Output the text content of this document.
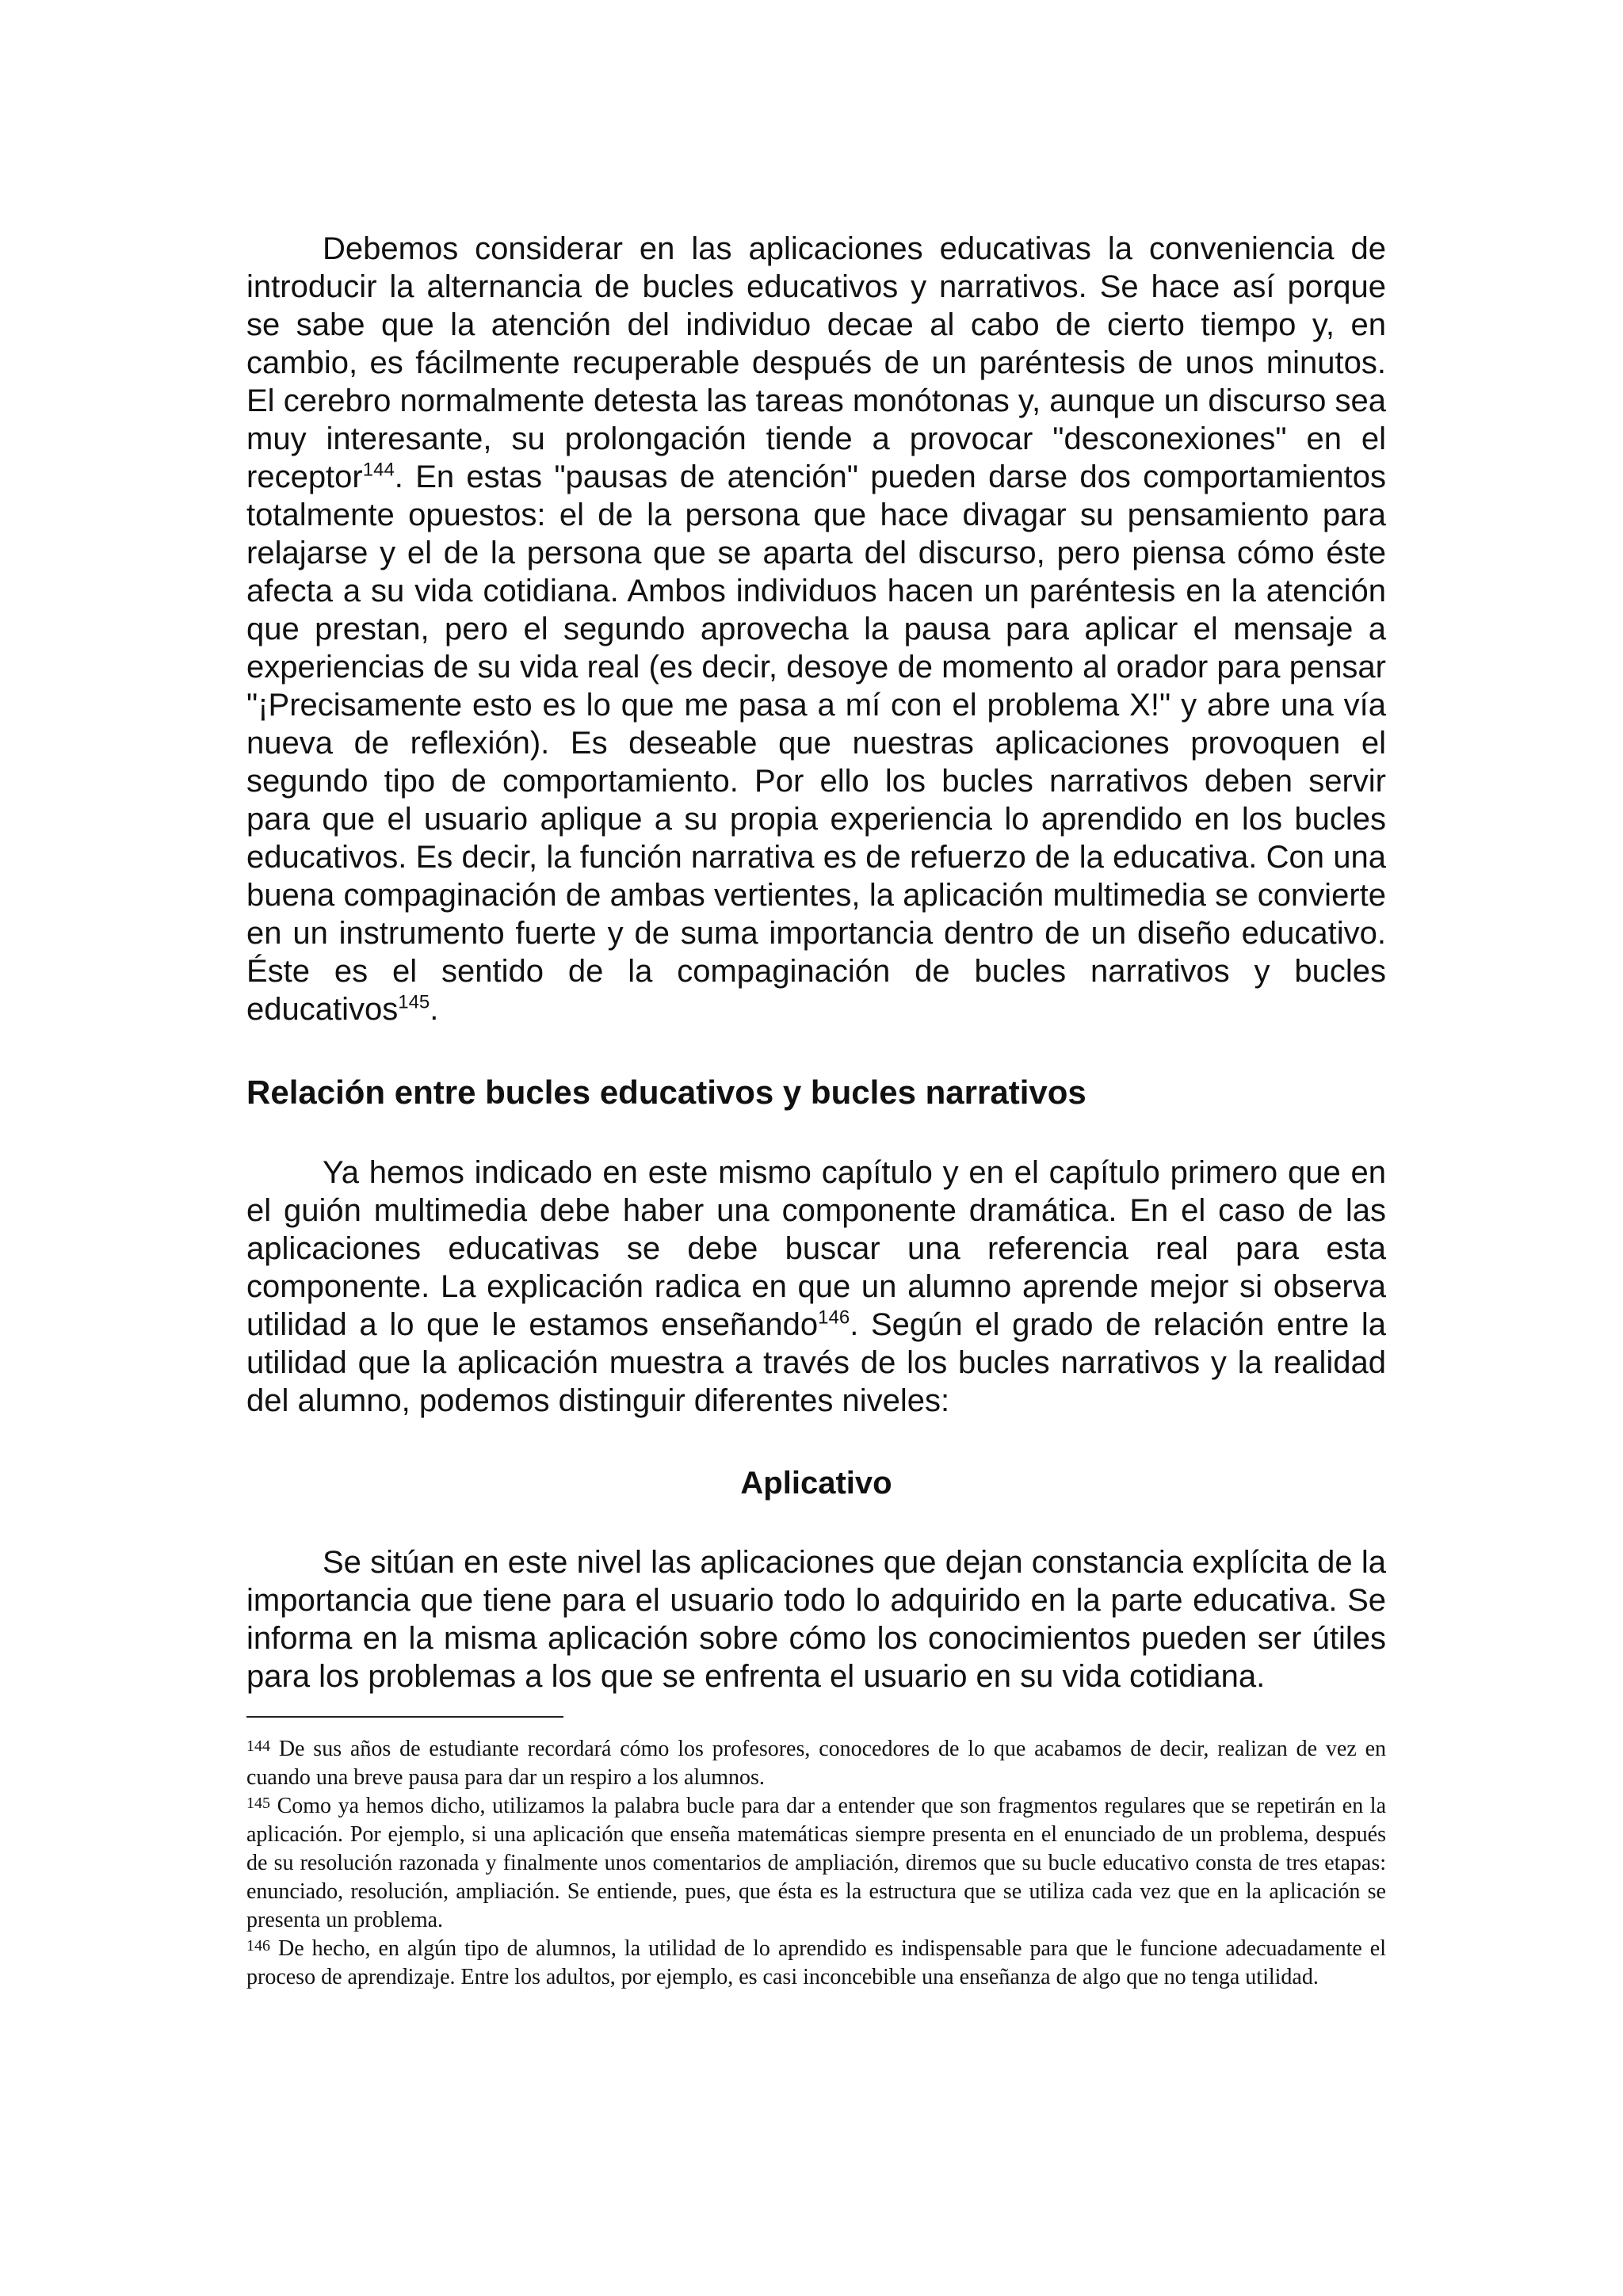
Debemos considerar en las aplicaciones educativas la conveniencia de introducir la alternancia de bucles educativos y narrativos. Se hace así porque se sabe que la atención del individuo decae al cabo de cierto tiempo y, en cambio, es fácilmente recuperable después de un paréntesis de unos minutos. El cerebro normalmente detesta las tareas monótonas y, aunque un discurso sea muy interesante, su prolongación tiende a provocar "desconexiones" en el receptor$^{144}$. En estas "pausas de atención" pueden darse dos comportamientos totalmente opuestos: el de la persona que hace divagar su pensamiento para relajarse y el de la persona que se aparta del discurso, pero piensa cómo éste afecta a su vida cotidiana. Ambos individuos hacen un paréntesis en la atención que prestan, pero el segundo aprovecha la pausa para aplicar el mensaje a experiencias de su vida real (es decir, desoye de momento al orador para pensar "¡Precisamente esto es lo que me pasa a mí con el problema X!" y abre una vía nueva de reflexión). Es deseable que nuestras aplicaciones provoquen el segundo tipo de comportamiento. Por ello los bucles narrativos deben servir para que el usuario aplique a su propia experiencia lo aprendido en los bucles educativos. Es decir, la función narrativa es de refuerzo de la educativa. Con una buena compaginación de ambas vertientes, la aplicación multimedia se convierte en un instrumento fuerte y de suma importancia dentro de un diseño educativo. Éste es el sentido de la compaginación de bucles narrativos y bucles educativos$^{145}$.

Relación entre bucles educativos y bucles narrativos

Ya hemos indicado en este mismo capítulo y en el capítulo primero que en el guión multimedia debe haber una componente dramática. En el caso de las aplicaciones educativas se debe buscar una referencia real para esta componente. La explicación radica en que un alumno aprende mejor si observa utilidad a lo que le estamos enseñando$^{146}$. Según el grado de relación entre la utilidad que la aplicación muestra a través de los bucles narrativos y la realidad del alumno, podemos distinguir diferentes niveles:

Aplicativo

Se sitúan en este nivel las aplicaciones que dejan constancia explícita de la importancia que tiene para el usuario todo lo adquirido en la parte educativa. Se informa en la misma aplicación sobre cómo los conocimientos pueden ser útiles para los problemas a los que se enfrenta el usuario en su vida cotidiana.

$^{144}$ De sus años de estudiante recordará cómo los profesores, conocedores de lo que acabamos de decir, realizan de vez en cuando una breve pausa para dar un respiro a los alumnos.

$^{145}$ Como ya hemos dicho, utilizamos la palabra bucle para dar a entender que son fragmentos regulares que se repetirán en la aplicación. Por ejemplo, si una aplicación que enseña matemáticas siempre presenta en el enunciado de un problema, después de su resolución razonada y finalmente unos comentarios de ampliación, diremos que su bucle educativo consta de tres etapas: enunciado, resolución, ampliación. Se entiende, pues, que ésta es la estructura que se utiliza cada vez que en la aplicación se presenta un problema.

$^{146}$ De hecho, en algún tipo de alumnos, la utilidad de lo aprendido es indispensable para que le funcione adecuadamente el proceso de aprendizaje. Entre los adultos, por ejemplo, es casi inconcebible una enseñanza de algo que no tenga utilidad.
